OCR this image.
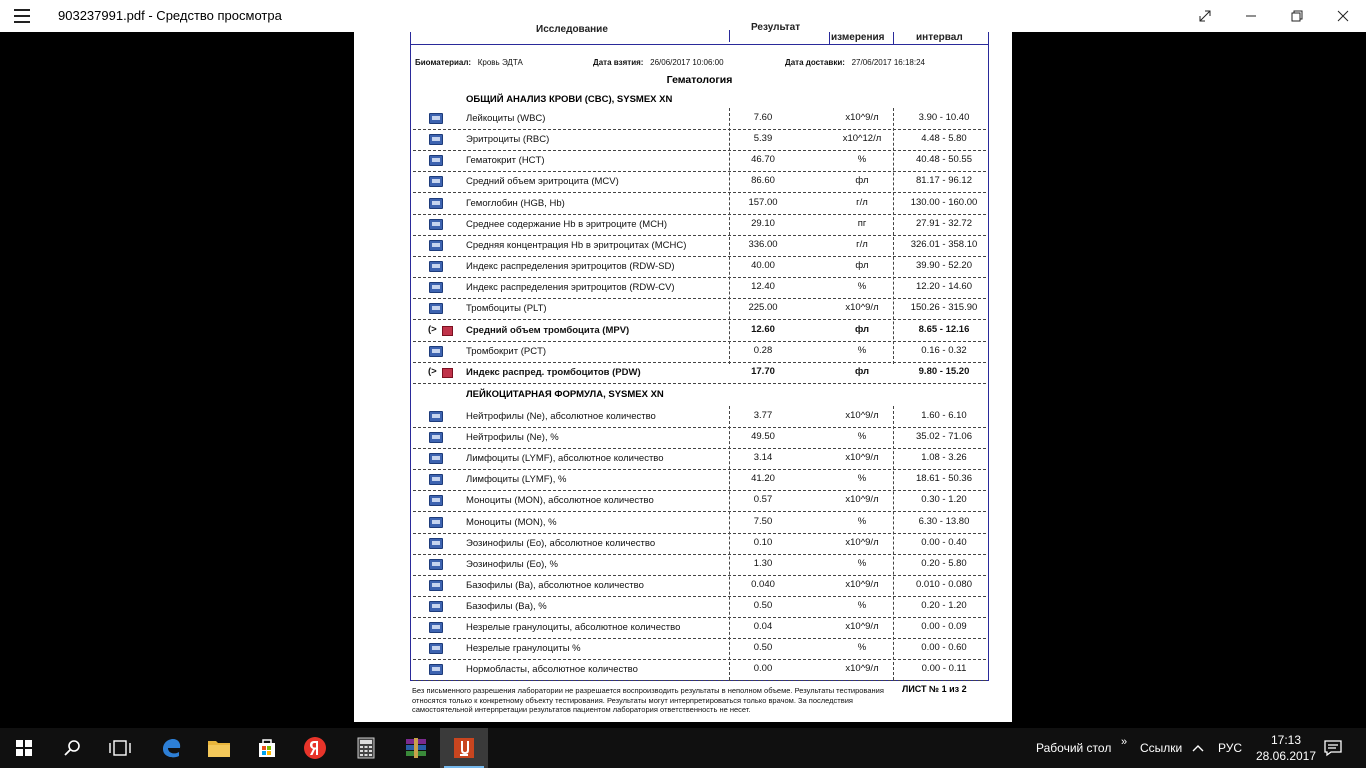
903237991.pdf - Средство просмотра
Исследование	Результат
измерения	интервал
Биоматериал: Кровь ЭДТА	Дата взятия: 26/06/2017 10:06:00	Дата доставки: 27/06/2017 16:18:24
Гематология
ОБЩИЙ АНАЛИЗ КРОВИ (CBC), SYSMEX XN
Лейкоциты (WBC)	7.60	x10^9/л	3.90 - 10.40
Эритроциты (RBC)	5.39	x10^12/л	4.48 - 5.80
Гематокрит (HCT)	46.70	%	40.48 - 50.55
Средний объем эритроцита (MCV)	86.60	фл	81.17 - 96.12
Гемоглобин (HGB, Hb)	157.00	г/л	130.00 - 160.00
Среднее содержание Hb в эритроците (MCH)	29.10	пг	27.91 - 32.72
Средняя концентрация Hb в эритроцитах (MCHC)	336.00	г/л	326.01 - 358.10
Индекс распределения эритроцитов (RDW-SD)	40.00	фл	39.90 - 52.20
Индекс распределения эритроцитов (RDW-CV)	12.40	%	12.20 - 14.60
Тромбоциты (PLT)	225.00	x10^9/л	150.26 - 315.90
(>	Средний объем тромбоцита (MPV)	12.60	фл	8.65 - 12.16
Тромбокрит (PCT)	0.28	%	0.16 - 0.32
(>	Индекс распред. тромбоцитов (PDW)	17.70	фл	9.80 - 15.20
ЛЕЙКОЦИТАРНАЯ ФОРМУЛА, SYSMEX XN
Нейтрофилы (Ne), абсолютное количество	3.77	x10^9/л	1.60 - 6.10
Нейтрофилы (Ne), %	49.50	%	35.02 - 71.06
Лимфоциты (LYMF), абсолютное количество	3.14	x10^9/л	1.08 - 3.26
Лимфоциты (LYMF), %	41.20	%	18.61 - 50.36
Моноциты (MON), абсолютное количество	0.57	x10^9/л	0.30 - 1.20
Моноциты (MON), %	7.50	%	6.30 - 13.80
Эозинофилы (Eo), абсолютное количество	0.10	x10^9/л	0.00 - 0.40
Эозинофилы (Eo), %	1.30	%	0.20 - 5.80
Базофилы (Ba), абсолютное количество	0.040	x10^9/л	0.010 - 0.080
Базофилы (Ba), %	0.50	%	0.20 - 1.20
Незрелые гранулоциты, абсолютное количество	0.04	x10^9/л	0.00 - 0.09
Незрелые гранулоциты %	0.50	%	0.00 - 0.60
Нормобласты, абсолютное количество	0.00	x10^9/л	0.00 - 0.11
Без письменного разрешения лаборатории не разрешается воспроизводить результаты в неполном объеме. Результаты тестирования относятся только к конкретному объекту тестирования. Результаты могут интерпретироваться только врачом. За последствия самостоятельной интерпретации результатов пациентом лаборатория ответственность не несет.
ЛИСТ № 1 из 2
Рабочий стол » Ссылки	РУС
17:13
28.06.2017
